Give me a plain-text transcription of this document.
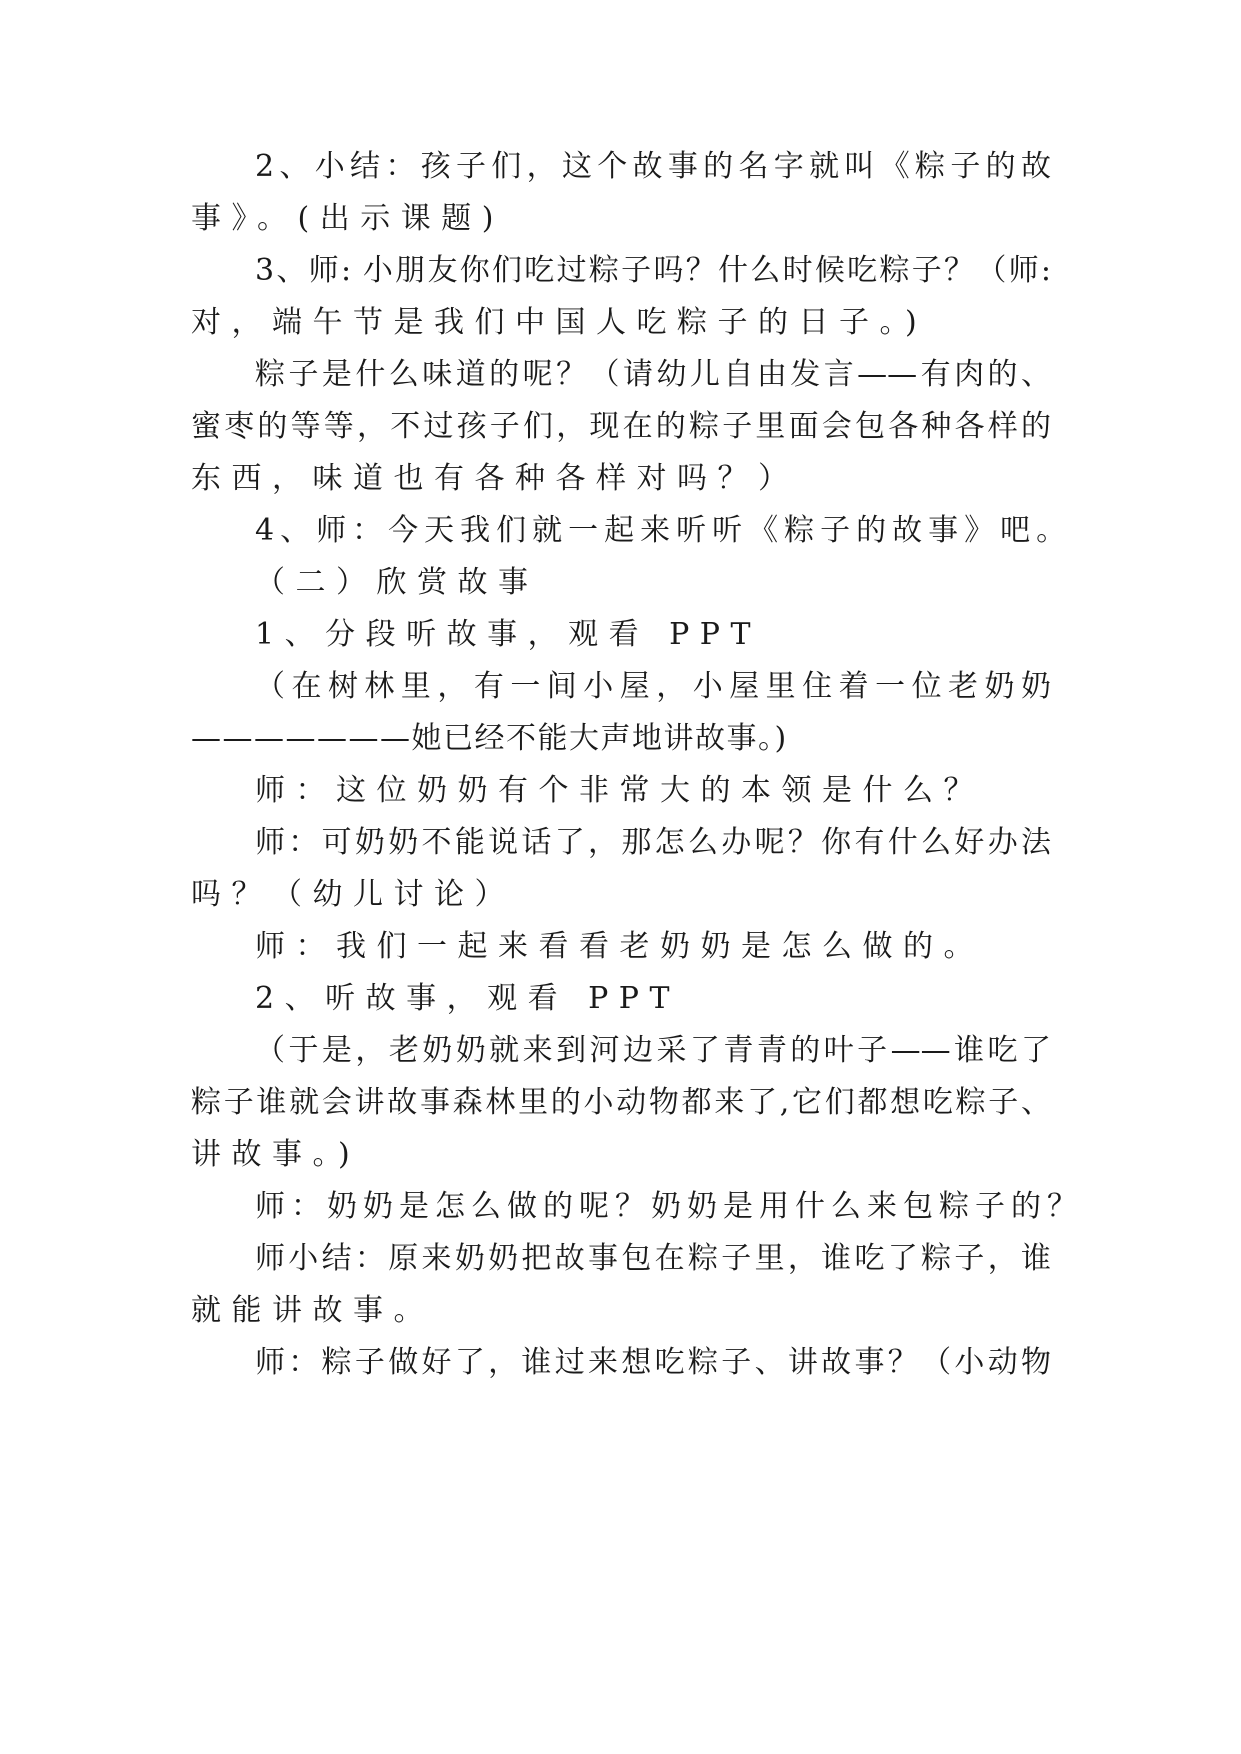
2、小结：孩子们，这个故事的名字就叫《粽子的故
事》。(出示课题)
3、师: 小朋友你们吃过粽子吗？什么时候吃粽子？（师:
对，端午节是我们中国人吃粽子的日子。)
粽子是什么味道的呢？（请幼儿自由发言——有肉的、
蜜枣的等等，不过孩子们，现在的粽子里面会包各种各样的
东西，味道也有各种各样对吗？）
4、师：今天我们就一起来听听《粽子的故事》吧。
（二）欣赏故事
1、分段听故事，观看 PPT
（在树林里，有一间小屋，小屋里住着一位老奶奶
———————她已经不能大声地讲故事。)
师：这位奶奶有个非常大的本领是什么？
师：可奶奶不能说话了，那怎么办呢？你有什么好办法
吗？（幼儿讨论）
师：我们一起来看看老奶奶是怎么做的。
2、听故事，观看 PPT
（于是，老奶奶就来到河边采了青青的叶子——谁吃了
粽子谁就会讲故事森林里的小动物都来了,它们都想吃粽子、
讲故事。)
师：奶奶是怎么做的呢？奶奶是用什么来包粽子的？
师小结：原来奶奶把故事包在粽子里，谁吃了粽子，谁
就能讲故事。
师：粽子做好了，谁过来想吃粽子、讲故事？（小动物
